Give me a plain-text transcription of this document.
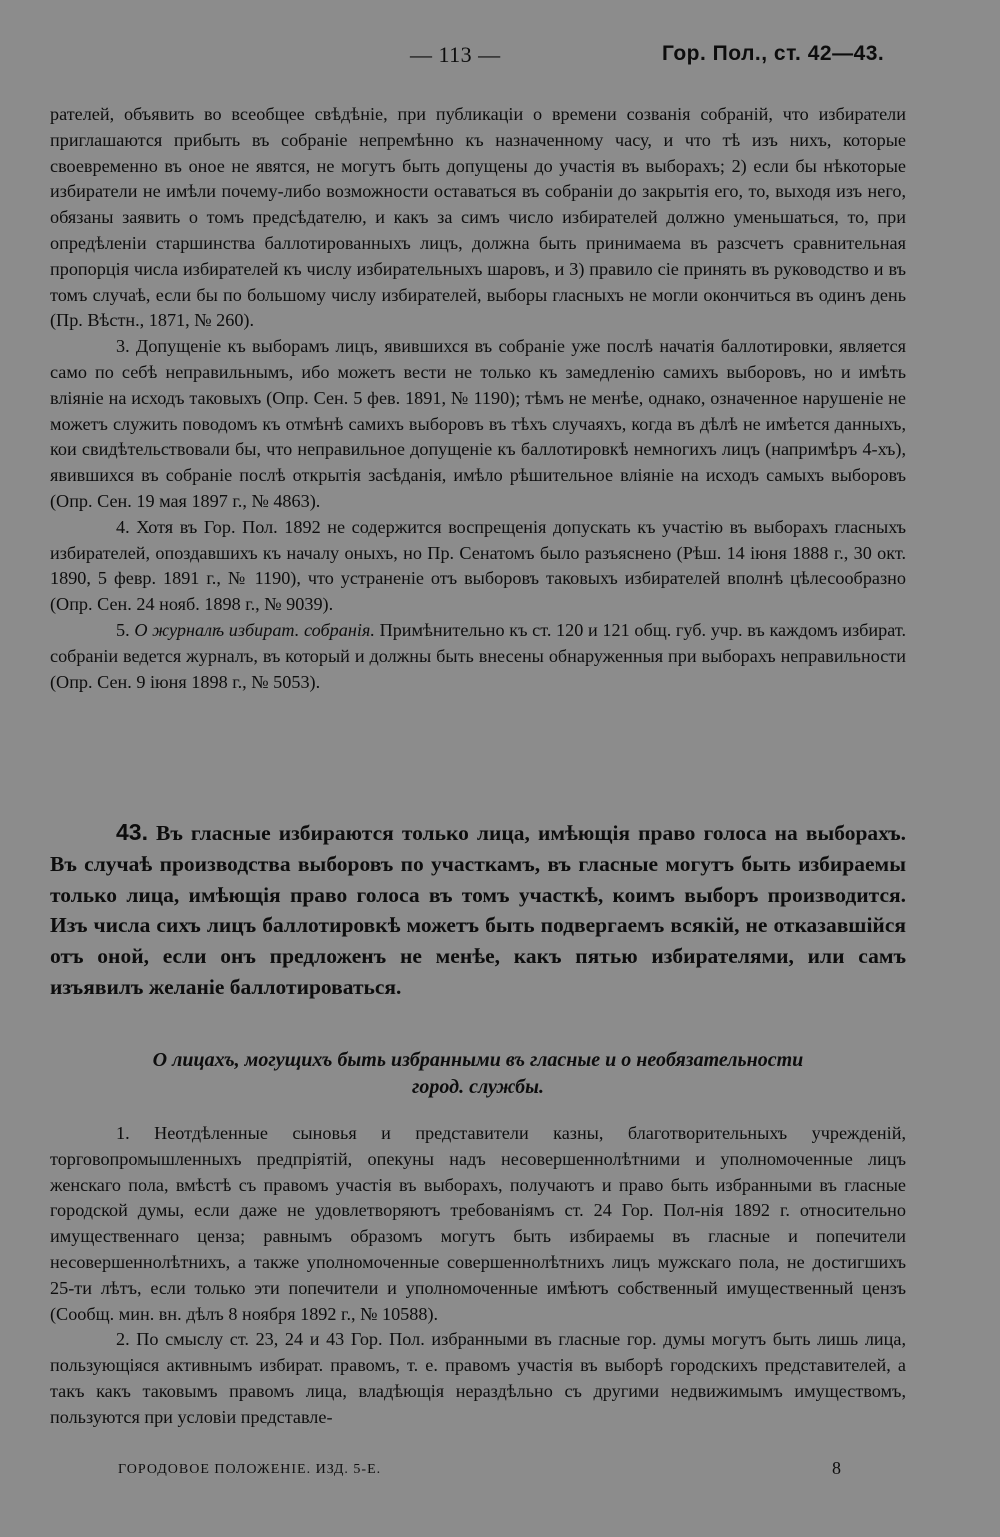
— 113 —	Гор. Пол., ст. 42—43.

рателей, объявить во всеобщее свѣдѣніе, при публикаціи о времени созванія собраній, что избиратели приглашаются прибыть въ собраніе непремѣнно къ назначенному часу, и что тѣ изъ нихъ, которые своевременно въ оное не явятся, не могутъ быть допущены до участія въ выборахъ; 2) если бы нѣкоторые избиратели не имѣли почему-либо возможности оставаться въ собраніи до закрытія его, то, выходя изъ него, обязаны заявить о томъ предсѣдателю, и какъ за симъ число избирателей должно уменьшаться, то, при опредѣленіи старшинства баллотированныхъ лицъ, должна быть принимаема въ разсчетъ сравнительная пропорція числа избирателей къ числу избирательныхъ шаровъ, и 3) правило сіе принять въ руководство и въ томъ случаѣ, если бы по большому числу избирателей, выборы гласныхъ не могли окончиться въ одинъ день (Пр. Вѣстн., 1871, № 260).

3. Допущеніе къ выборамъ лицъ, явившихся въ собраніе уже послѣ начатія баллотировки, является само по себѣ неправильнымъ, ибо можетъ вести не только къ замедленію самихъ выборовъ, но и имѣть вліяніе на исходъ таковыхъ (Опр. Сен. 5 фев. 1891, № 1190); тѣмъ не менѣе, однако, означенное нарушеніе не можетъ служить поводомъ къ отмѣнѣ самихъ выборовъ въ тѣхъ случаяхъ, когда въ дѣлѣ не имѣется данныхъ, кои свидѣтельствовали бы, что неправильное допущеніе къ баллотировкѣ немногихъ лицъ (напримѣръ 4-хъ), явившихся въ собраніе послѣ открытія засѣданія, имѣло рѣшительное вліяніе на исходъ самыхъ выборовъ (Опр. Сен. 19 мая 1897 г., № 4863).

4. Хотя въ Гор. Пол. 1892 не содержится воспрещенія допускать къ участію въ выборахъ гласныхъ избирателей, опоздавшихъ къ началу оныхъ, но Пр. Сенатомъ было разъяснено (Рѣш. 14 іюня 1888 г., 30 окт. 1890, 5 февр. 1891 г., № 1190), что устраненіе отъ выборовъ таковыхъ избирателей вполнѣ цѣлесообразно (Опр. Сен. 24 нояб. 1898 г., № 9039).

5. О журналѣ избират. собранія. Примѣнительно къ ст. 120 и 121 общ. губ. учр. въ каждомъ избират. собраніи ведется журналъ, въ который и должны быть внесены обнаруженныя при выборахъ неправильности (Опр. Сен. 9 іюня 1898 г., № 5053).

43. Въ гласные избираются только лица, имѣющія право голоса на выборахъ. Въ случаѣ производства выборовъ по участкамъ, въ гласные могутъ быть избираемы только лица, имѣющія право голоса въ томъ участкѣ, коимъ выборъ производится. Изъ числа сихъ лицъ баллотировкѣ можетъ быть подвергаемъ всякій, не отказавшійся отъ оной, если онъ предложенъ не менѣе, какъ пятью избирателями, или самъ изъявилъ желаніе баллотироваться.

О лицахъ, могущихъ быть избранными въ гласные и о необязательности
город. службы.

1. Неотдѣленные сыновья и представители казны, благотворительныхъ учрежденій, торговопромышленныхъ предпріятій, опекуны надъ несовершеннолѣтними и уполномоченные лицъ женскаго пола, вмѣстѣ съ правомъ участія въ выборахъ, получаютъ и право быть избранными въ гласные городской думы, если даже не удовлетворяютъ требованіямъ ст. 24 Гор. Пол-нія 1892 г. относительно имущественнаго ценза; равнымъ образомъ могутъ быть избираемы въ гласные и попечители несовершеннолѣтнихъ, а также уполномоченные совершеннолѣтнихъ лицъ мужскаго пола, не достигшихъ 25-ти лѣтъ, если только эти попечители и уполномоченные имѣютъ собственный имущественный цензъ (Сообщ. мин. вн. дѣлъ 8 ноября 1892 г., № 10588).

2. По смыслу ст. 23, 24 и 43 Гор. Пол. избранными въ гласные гор. думы могутъ быть лишь лица, пользующіяся активнымъ избират. правомъ, т. е. правомъ участія въ выборѣ городскихъ представителей, а такъ какъ таковымъ правомъ лица, владѣющія нераздѣльно съ другими недвижимымъ имуществомъ, пользуются при условіи представле-

ГОРОДОВОЕ ПОЛОЖЕНІЕ. ИЗД. 5-Е.	8
